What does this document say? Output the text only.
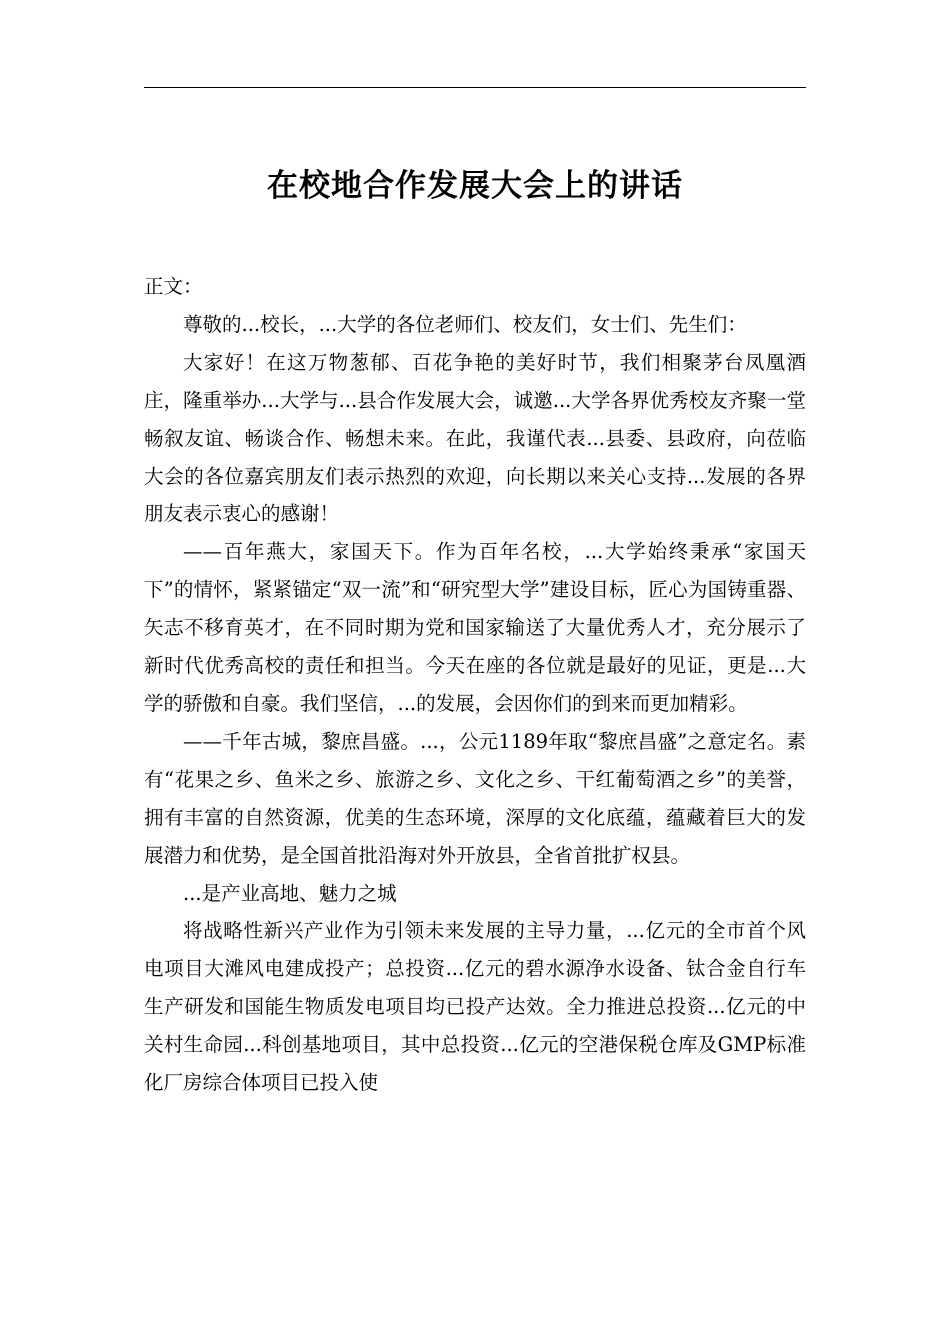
在校地合作发展大会上的讲话

正文：

尊敬的...校长，...大学的各位老师们、校友们，女士们、先生们：

大家好！在这万物葱郁、百花争艳的美好时节，我们相聚茅台凤凰酒庄，隆重举办...大学与...县合作发展大会，诚邀...大学各界优秀校友齐聚一堂畅叙友谊、畅谈合作、畅想未来。在此，我谨代表...县委、县政府，向莅临大会的各位嘉宾朋友们表示热烈的欢迎，向长期以来关心支持...发展的各界朋友表示衷心的感谢！

——百年燕大，家国天下。作为百年名校，...大学始终秉承“家国天下”的情怀，紧紧锚定“双一流”和“研究型大学”建设目标，匠心为国铸重器、矢志不移育英才，在不同时期为党和国家输送了大量优秀人才，充分展示了新时代优秀高校的责任和担当。今天在座的各位就是最好的见证，更是...大学的骄傲和自豪。我们坚信，...的发展，会因你们的到来而更加精彩。

——千年古城，黎庶昌盛。...，公元1189年取“黎庶昌盛”之意定名。素有“花果之乡、鱼米之乡、旅游之乡、文化之乡、干红葡萄酒之乡”的美誉，拥有丰富的自然资源，优美的生态环境，深厚的文化底蕴，蕴藏着巨大的发展潜力和优势，是全国首批沿海对外开放县，全省首批扩权县。

...是产业高地、魅力之城

将战略性新兴产业作为引领未来发展的主导力量，...亿元的全市首个风电项目大滩风电建成投产；总投资...亿元的碧水源净水设备、钛合金自行车生产研发和国能生物质发电项目均已投产达效。全力推进总投资...亿元的中关村生命园...科创基地项目，其中总投资...亿元的空港保税仓库及GMP标准化厂房综合体项目已投入使
